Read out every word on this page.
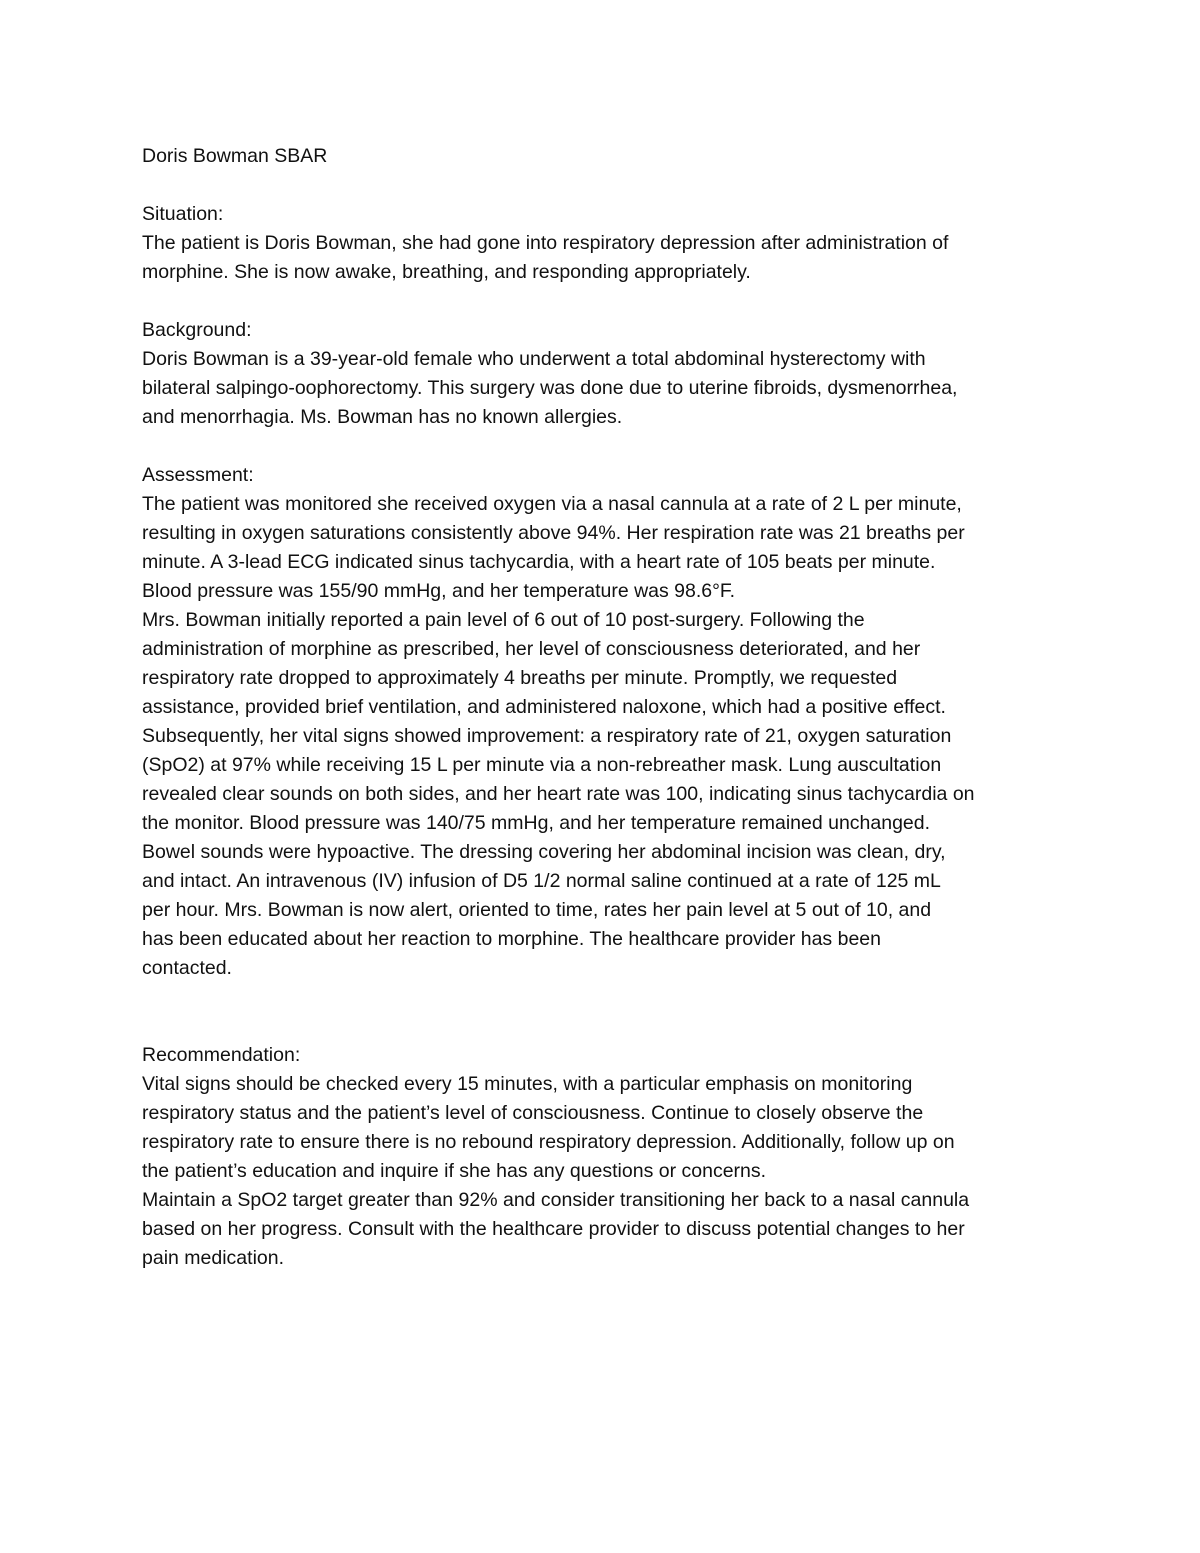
Doris Bowman SBAR
Situation:
The patient is Doris Bowman, she had gone into respiratory depression after administration of
morphine. She is now awake, breathing, and responding appropriately.
Background:
Doris Bowman is a 39-year-old female who underwent a total abdominal hysterectomy with
bilateral salpingo-oophorectomy. This surgery was done due to uterine fibroids, dysmenorrhea,
and menorrhagia. Ms. Bowman has no known allergies.
Assessment:
The patient was monitored she received oxygen via a nasal cannula at a rate of 2 L per minute,
resulting in oxygen saturations consistently above 94%. Her respiration rate was 21 breaths per
minute. A 3-lead ECG indicated sinus tachycardia, with a heart rate of 105 beats per minute.
Blood pressure was 155/90 mmHg, and her temperature was 98.6°F.
Mrs. Bowman initially reported a pain level of 6 out of 10 post-surgery. Following the
administration of morphine as prescribed, her level of consciousness deteriorated, and her
respiratory rate dropped to approximately 4 breaths per minute. Promptly, we requested
assistance, provided brief ventilation, and administered naloxone, which had a positive effect.
Subsequently, her vital signs showed improvement: a respiratory rate of 21, oxygen saturation
(SpO2) at 97% while receiving 15 L per minute via a non-rebreather mask. Lung auscultation
revealed clear sounds on both sides, and her heart rate was 100, indicating sinus tachycardia on
the monitor. Blood pressure was 140/75 mmHg, and her temperature remained unchanged.
Bowel sounds were hypoactive. The dressing covering her abdominal incision was clean, dry,
and intact. An intravenous (IV) infusion of D5 1/2 normal saline continued at a rate of 125 mL
per hour. Mrs. Bowman is now alert, oriented to time, rates her pain level at 5 out of 10, and
has been educated about her reaction to morphine. The healthcare provider has been
contacted.
Recommendation:
Vital signs should be checked every 15 minutes, with a particular emphasis on monitoring
respiratory status and the patient’s level of consciousness. Continue to closely observe the
respiratory rate to ensure there is no rebound respiratory depression. Additionally, follow up on
the patient’s education and inquire if she has any questions or concerns.
Maintain a SpO2 target greater than 92% and consider transitioning her back to a nasal cannula
based on her progress. Consult with the healthcare provider to discuss potential changes to her
pain medication.
